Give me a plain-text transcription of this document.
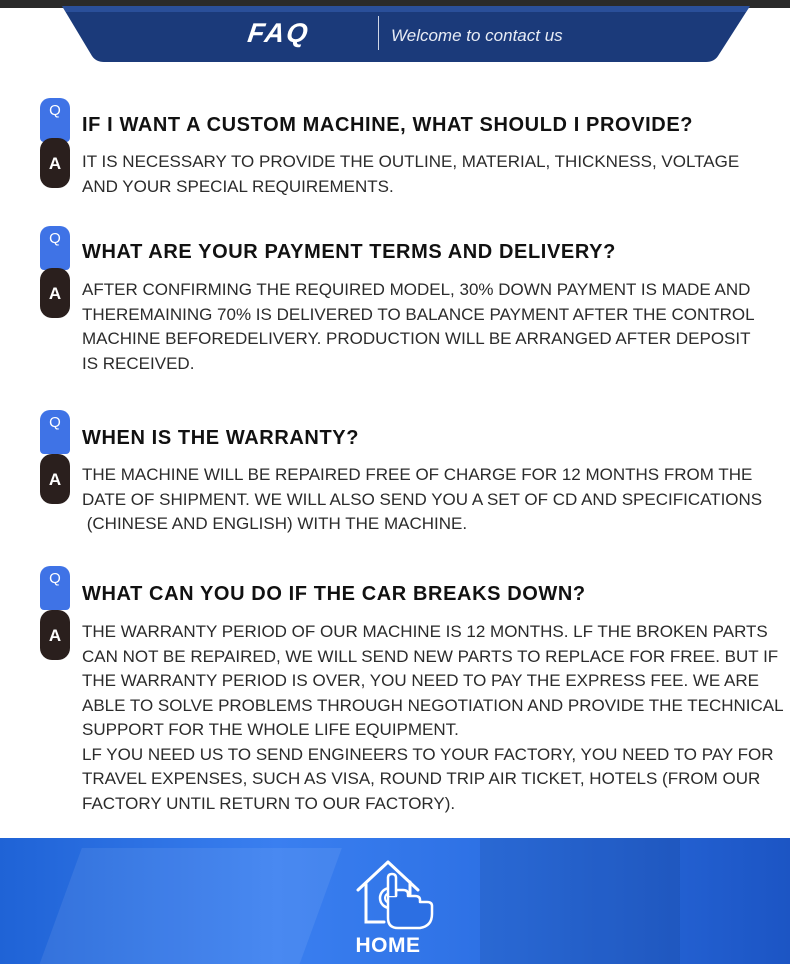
FAQ	Welcome to contact us
Q
A
IF I WANT A CUSTOM MACHINE, WHAT SHOULD I PROVIDE?
IT IS NECESSARY TO PROVIDE THE OUTLINE, MATERIAL, THICKNESS, VOLTAGE
AND YOUR SPECIAL REQUIREMENTS.
Q
A
WHAT ARE YOUR PAYMENT TERMS AND DELIVERY?
AFTER CONFIRMING THE REQUIRED MODEL, 30% DOWN PAYMENT IS MADE AND
THEREMAINING 70% IS DELIVERED TO BALANCE PAYMENT AFTER THE CONTROL
MACHINE BEFOREDELIVERY. PRODUCTION WILL BE ARRANGED AFTER DEPOSIT
IS RECEIVED.
Q
A
WHEN IS THE WARRANTY?
THE MACHINE WILL BE REPAIRED FREE OF CHARGE FOR 12 MONTHS FROM THE
DATE OF SHIPMENT. WE WILL ALSO SEND YOU A SET OF CD AND SPECIFICATIONS
(CHINESE AND ENGLISH) WITH THE MACHINE.
Q
A
WHAT CAN YOU DO IF THE CAR BREAKS DOWN?
THE WARRANTY PERIOD OF OUR MACHINE IS 12 MONTHS. LF THE BROKEN PARTS
CAN NOT BE REPAIRED, WE WILL SEND NEW PARTS TO REPLACE FOR FREE. BUT IF
THE WARRANTY PERIOD IS OVER, YOU NEED TO PAY THE EXPRESS FEE. WE ARE
ABLE TO SOLVE PROBLEMS THROUGH NEGOTIATION AND PROVIDE THE TECHNICAL
SUPPORT FOR THE WHOLE LIFE EQUIPMENT.
LF YOU NEED US TO SEND ENGINEERS TO YOUR FACTORY, YOU NEED TO PAY FOR
TRAVEL EXPENSES, SUCH AS VISA, ROUND TRIP AIR TICKET, HOTELS (FROM OUR
FACTORY UNTIL RETURN TO OUR FACTORY).
HOME
